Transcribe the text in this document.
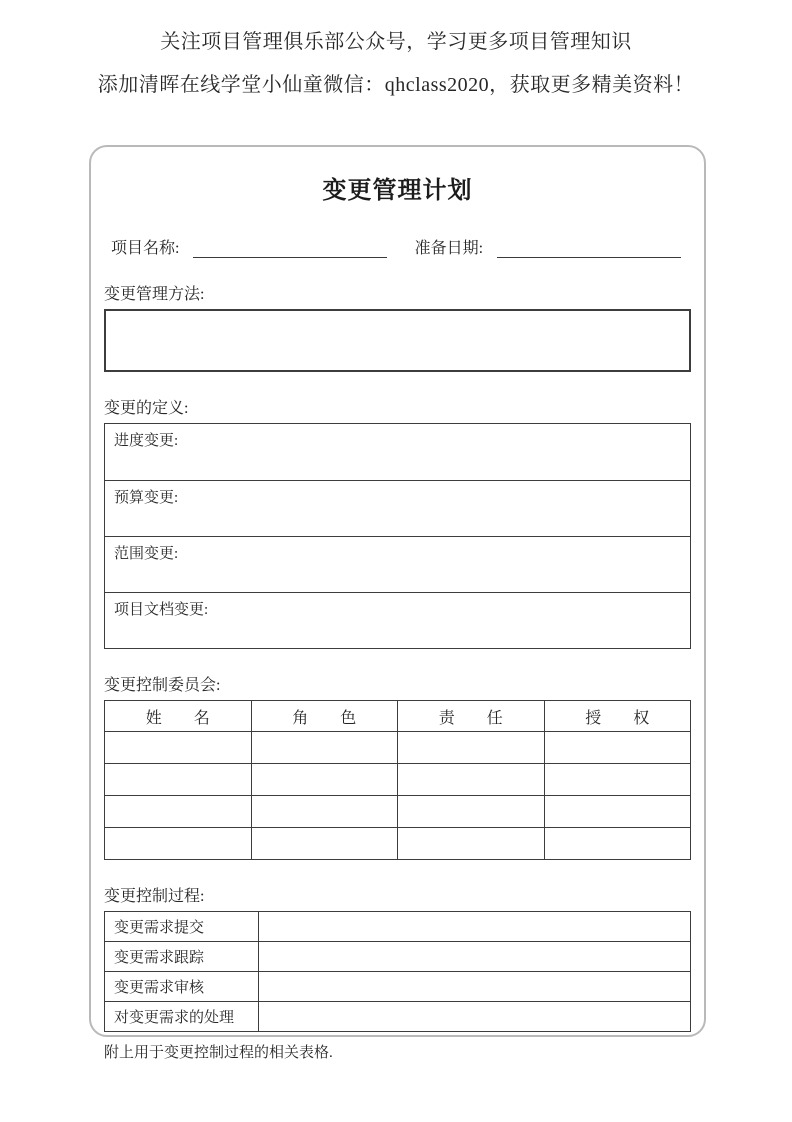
关注项目管理俱乐部公众号，学习更多项目管理知识
添加清晖在线学堂小仙童微信：qhclass2020，获取更多精美资料！
变更管理计划
项目名称:	准备日期:
变更管理方法:
变更的定义:
进度变更:
预算变更:
范围变更:
项目文档变更:
变更控制委员会:
姓　　名	角　　色	责　　任	授　　权

变更控制过程:
变更需求提交	
变更需求跟踪	
变更需求审核	
对变更需求的处理	
附上用于变更控制过程的相关表格.
